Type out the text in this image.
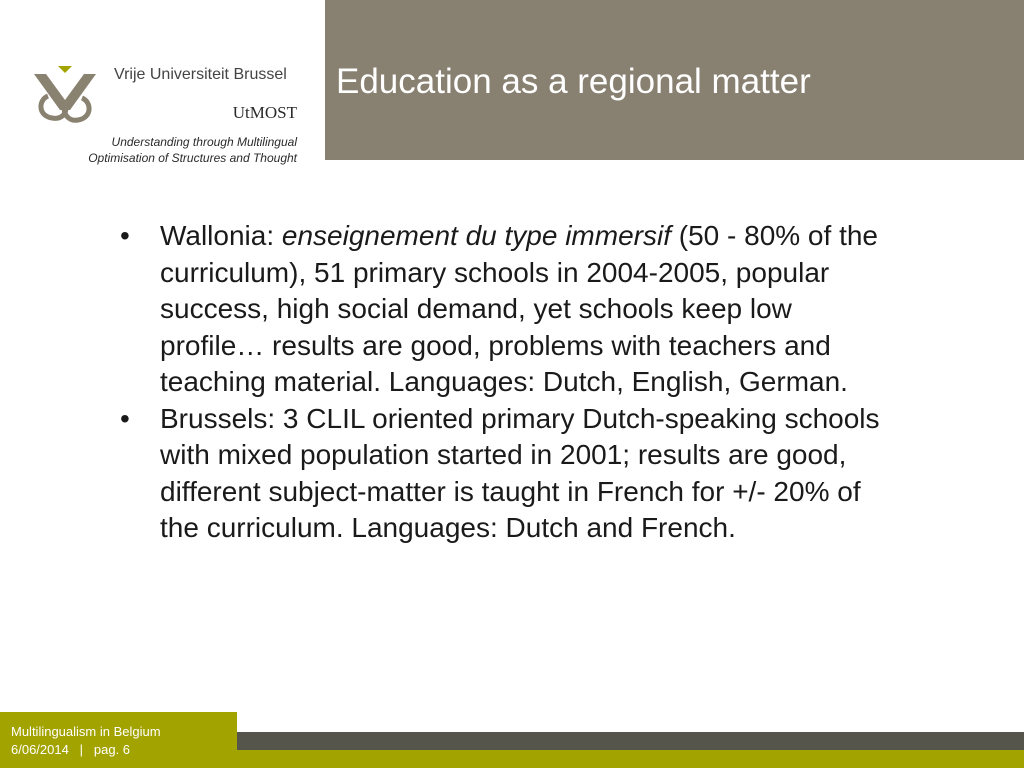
Education as a regional matter
Vrije Universiteit Brussel
UtMOST
Understanding through Multilingual
Optimisation of Structures and Thought
• Wallonia: enseignement du type immersif (50 - 80% of the curriculum), 51 primary schools in 2004-2005, popular success, high social demand, yet schools keep low profile… results are good, problems with teachers and teaching material. Languages: Dutch, English, German.
• Brussels: 3 CLIL oriented primary Dutch-speaking schools with mixed population started in 2001; results are good, different subject-matter is taught in French for +/- 20% of the curriculum. Languages: Dutch and French.
Multilingualism in Belgium
6/06/2014   |   pag. 6
